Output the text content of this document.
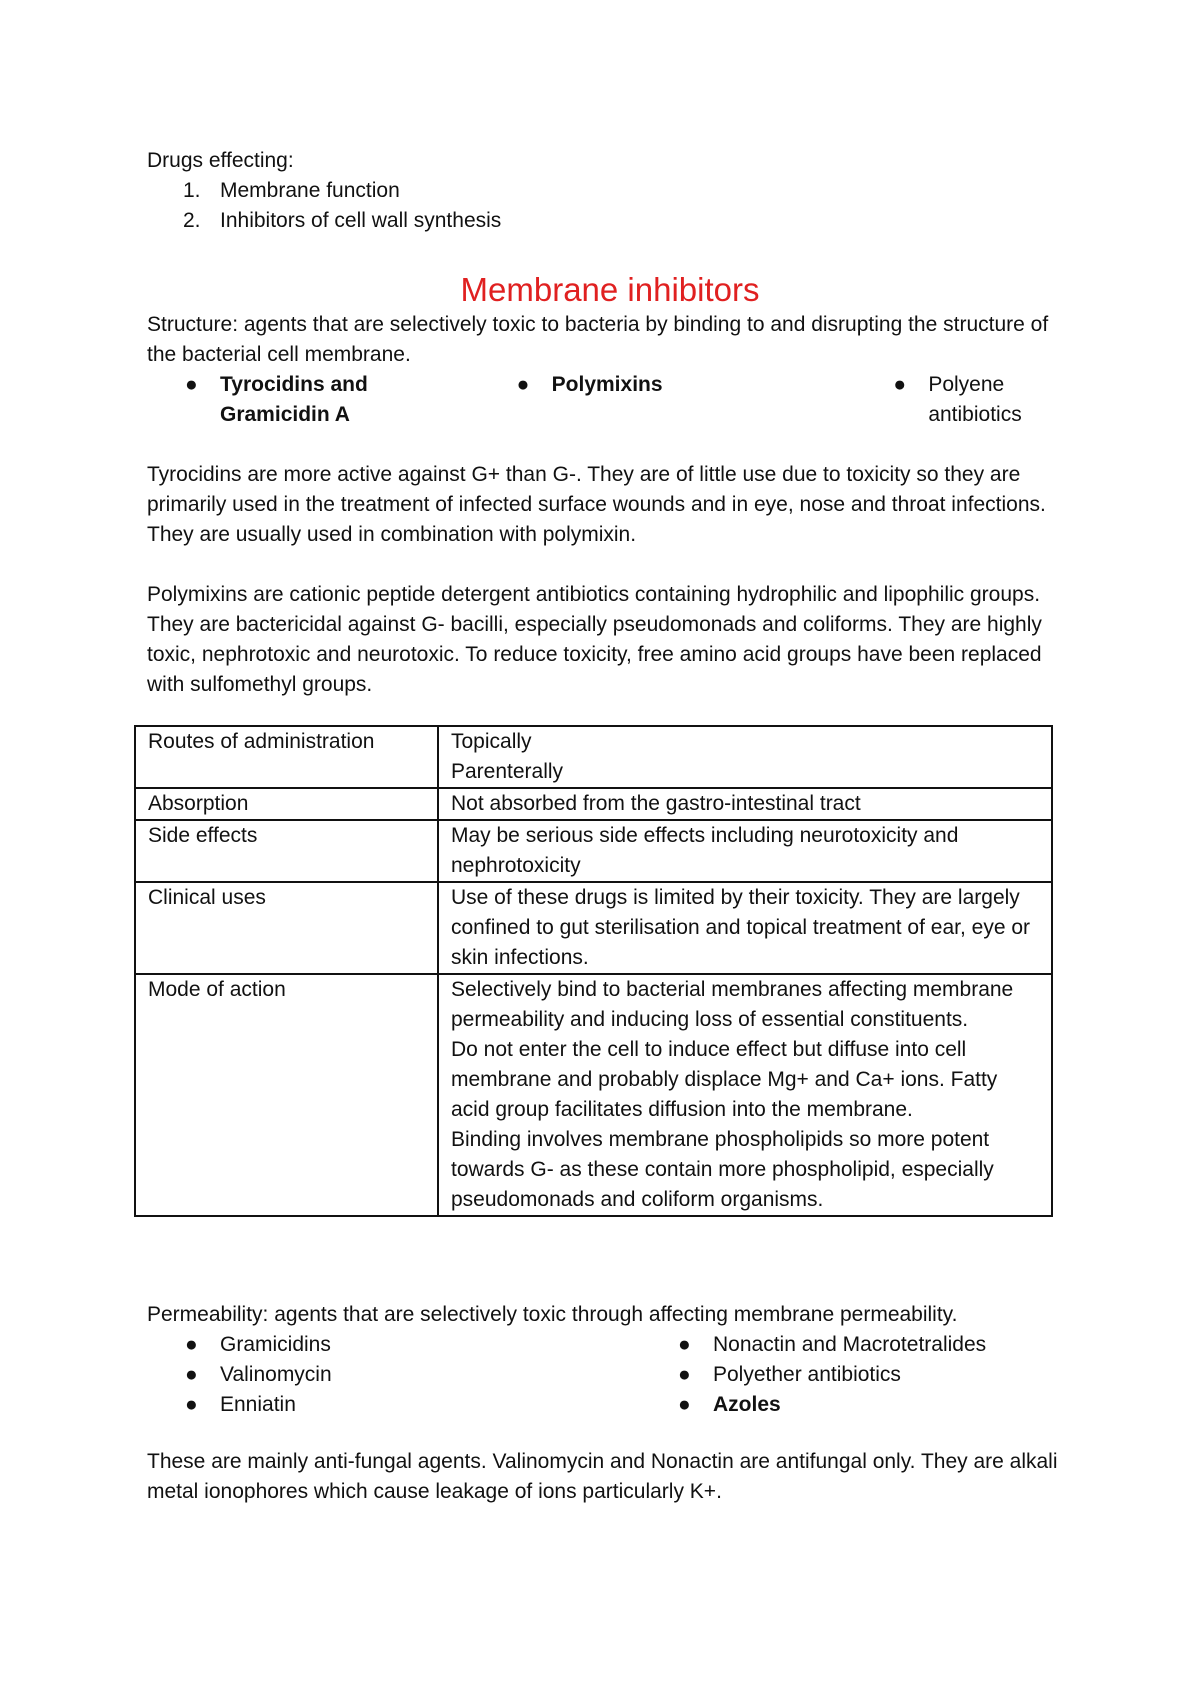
Drugs effecting:
1. Membrane function
2. Inhibitors of cell wall synthesis
Membrane inhibitors
Structure: agents that are selectively toxic to bacteria by binding to and disrupting the structure of the bacterial cell membrane.
● Tyrocidins and
Gramicidin A
● Polymixins	● Polyene
antibiotics
Tyrocidins are more active against G+ than G-. They are of little use due to toxicity so they are primarily used in the treatment of infected surface wounds and in eye, nose and throat infections. They are usually used in combination with polymixin.
Polymixins are cationic peptide detergent antibiotics containing hydrophilic and lipophilic groups. They are bactericidal against G- bacilli, especially pseudomonads and coliforms. They are highly toxic, nephrotoxic and neurotoxic. To reduce toxicity, free amino acid groups have been replaced with sulfomethyl groups.
Routes of administration	Topically
Parenterally

Absorption	Not absorbed from the gastro-intestinal tract

Side effects	May be serious side effects including neurotoxicity and nephrotoxicity

Clinical uses	Use of these drugs is limited by their toxicity. They are largely confined to gut sterilisation and topical treatment of ear, eye or skin infections.

Mode of action	Selectively bind to bacterial membranes affecting membrane permeability and inducing loss of essential constituents.
Do not enter the cell to induce effect but diffuse into cell membrane and probably displace Mg+ and Ca+ ions. Fatty acid group facilitates diffusion into the membrane.
Binding involves membrane phospholipids so more potent towards G- as these contain more phospholipid, especially pseudomonads and coliform organisms.
Permeability: agents that are selectively toxic through affecting membrane permeability.
● Gramicidins
● Valinomycin
● Enniatin
● Nonactin and Macrotetralides
● Polyether antibiotics
● Azoles
These are mainly anti-fungal agents. Valinomycin and Nonactin are antifungal only. They are alkali metal ionophores which cause leakage of ions particularly K+.
